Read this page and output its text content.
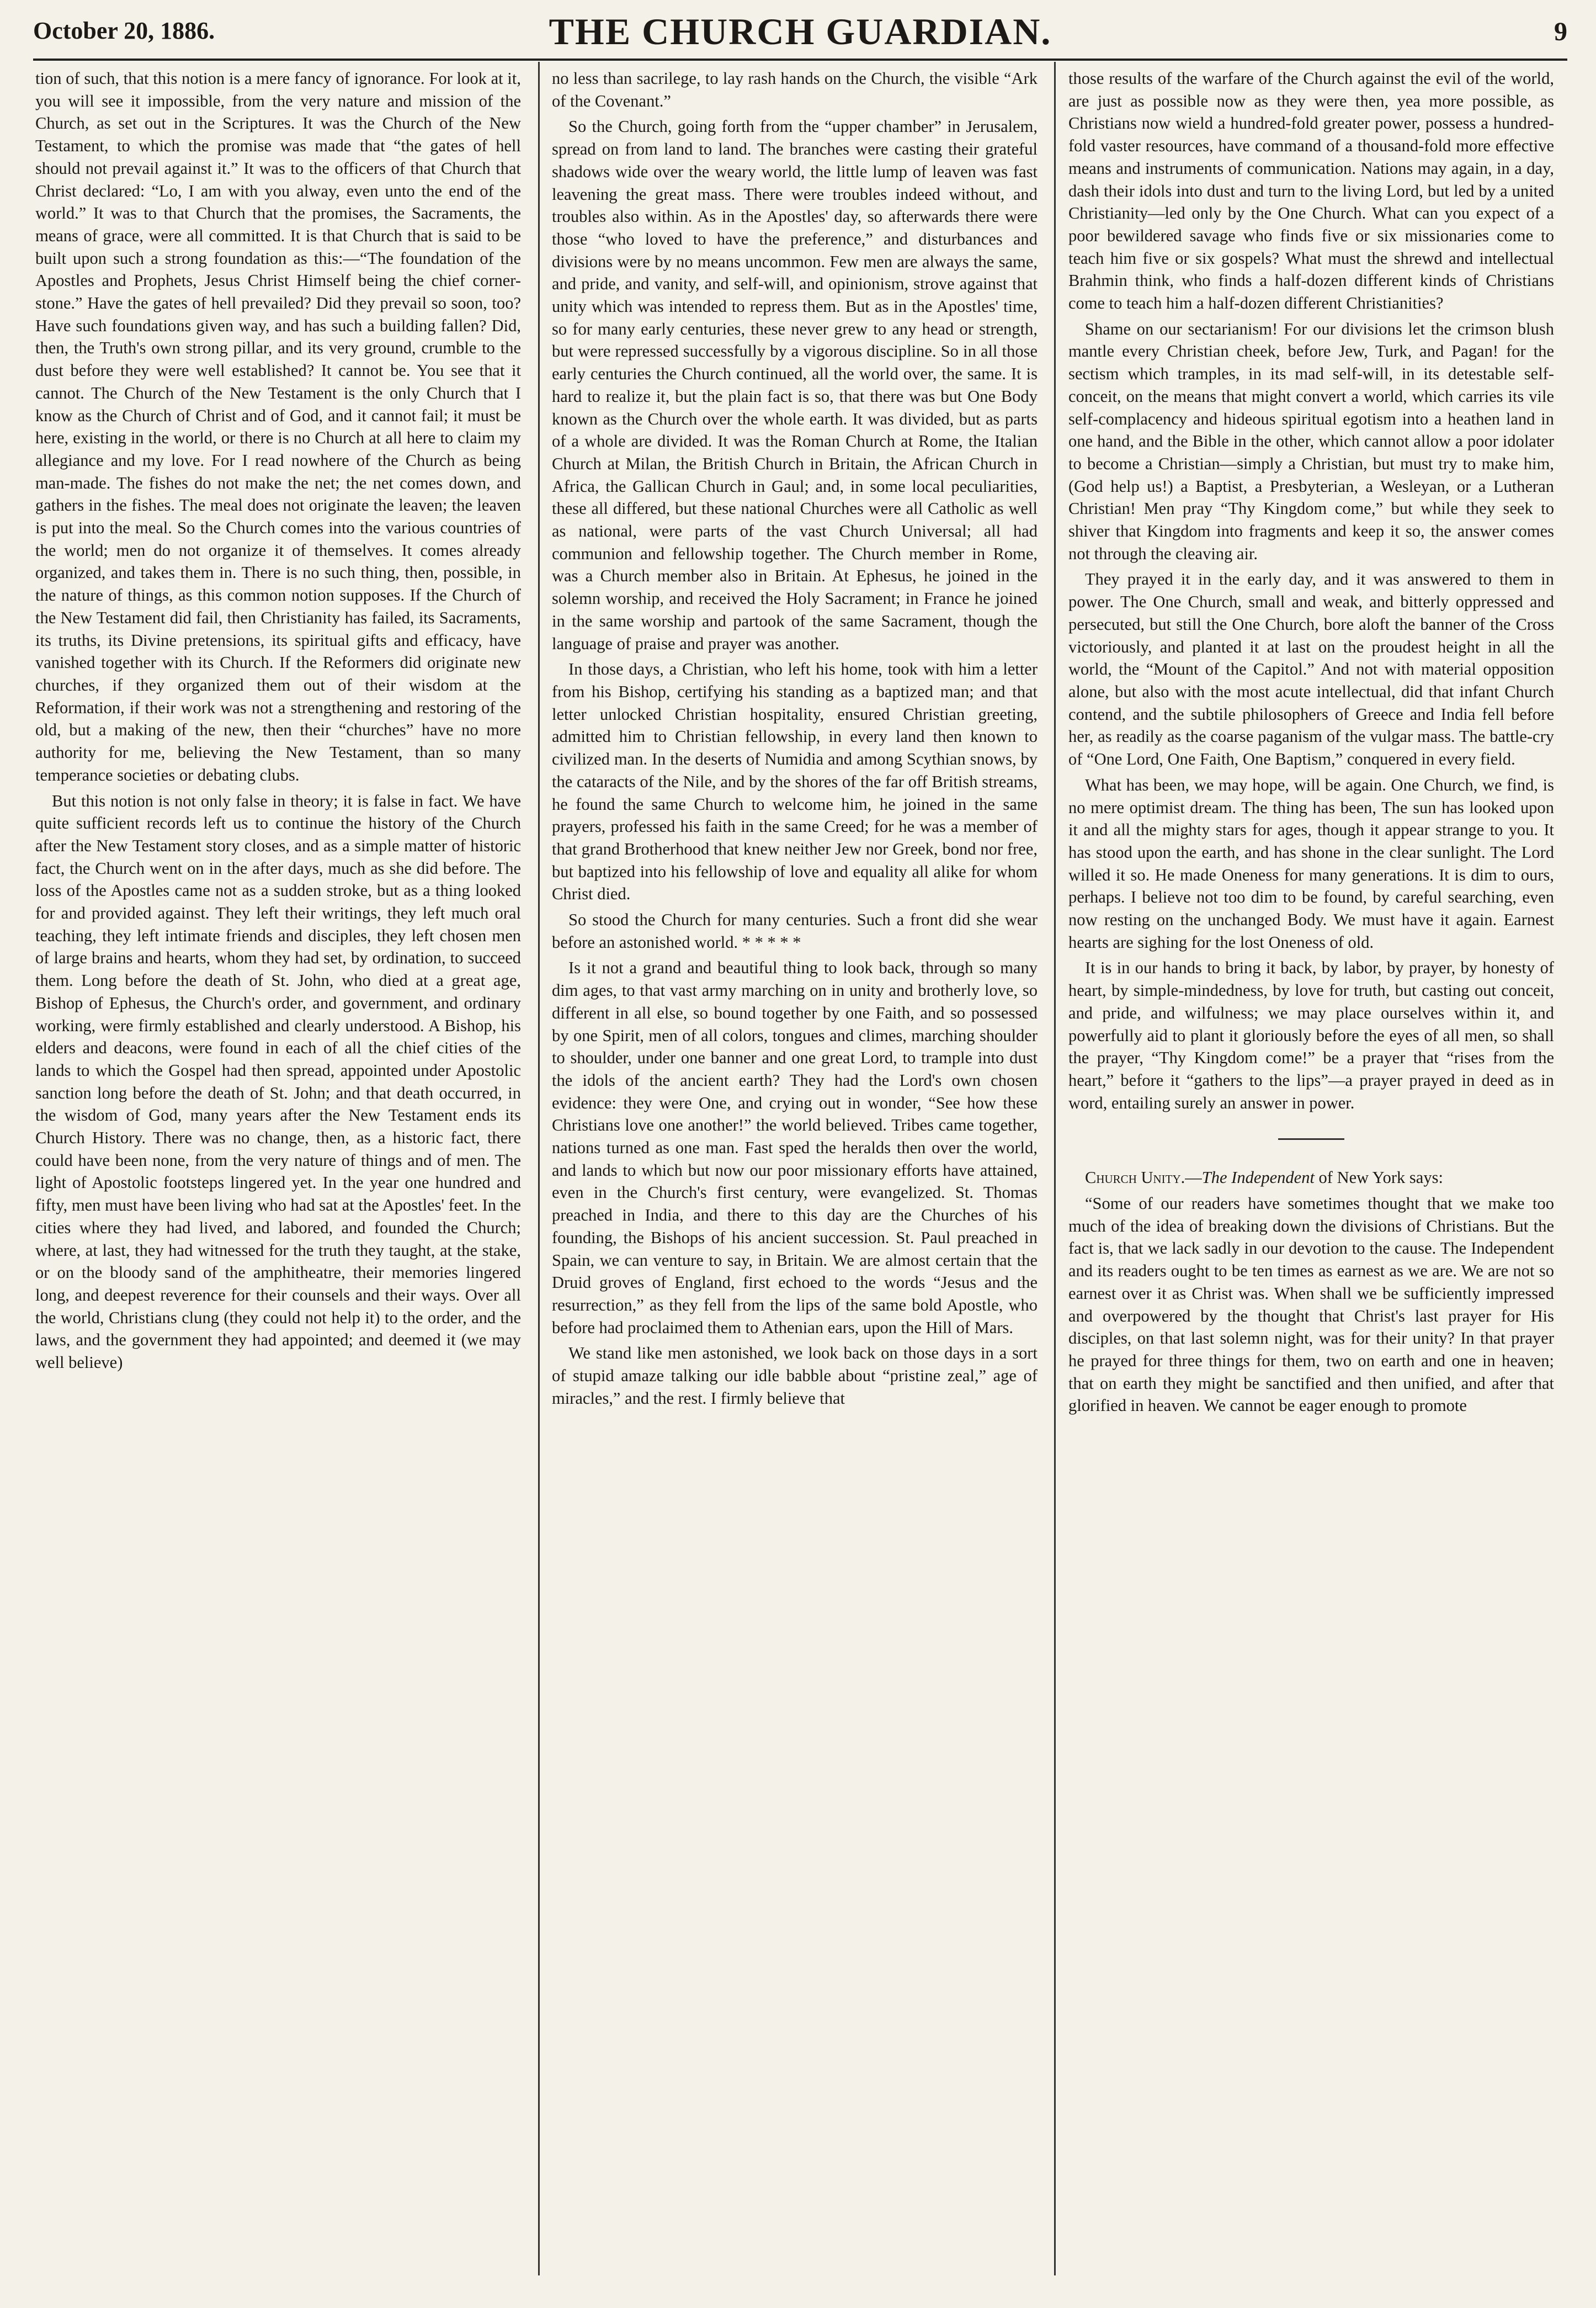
October 20, 1886.	THE CHURCH GUARDIAN.	9

tion of such, that this notion is a mere fancy of ignorance. For look at it, you will see it impossible, from the very nature and mission of the Church, as set out in the Scriptures. It was the Church of the New Testament, to which the promise was made that “the gates of hell should not prevail against it.” It was to the officers of that Church that Christ declared: “Lo, I am with you alway, even unto the end of the world.” It was to that Church that the promises, the Sacraments, the means of grace, were all committed. It is that Church that is said to be built upon such a strong foundation as this:—“The foundation of the Apostles and Prophets, Jesus Christ Himself being the chief corner-stone.” Have the gates of hell prevailed? Did they prevail so soon, too? Have such foundations given way, and has such a building fallen? Did, then, the Truth's own strong pillar, and its very ground, crumble to the dust before they were well established? It cannot be. You see that it cannot. The Church of the New Testament is the only Church that I know as the Church of Christ and of God, and it cannot fail; it must be here, existing in the world, or there is no Church at all here to claim my allegiance and my love. For I read nowhere of the Church as being man-made. The fishes do not make the net; the net comes down, and gathers in the fishes. The meal does not originate the leaven; the leaven is put into the meal. So the Church comes into the various countries of the world; men do not organize it of themselves. It comes already organized, and takes them in. There is no such thing, then, possible, in the nature of things, as this common notion supposes. If the Church of the New Testament did fail, then Christianity has failed, its Sacraments, its truths, its Divine pretensions, its spiritual gifts and efficacy, have vanished together with its Church. If the Reformers did originate new churches, if they organized them out of their wisdom at the Reformation, if their work was not a strengthening and restoring of the old, but a making of the new, then their “churches” have no more authority for me, believing the New Testament, than so many temperance societies or debating clubs.

But this notion is not only false in theory; it is false in fact. We have quite sufficient records left us to continue the history of the Church after the New Testament story closes, and as a simple matter of historic fact, the Church went on in the after days, much as she did before. The loss of the Apostles came not as a sudden stroke, but as a thing looked for and provided against. They left their writings, they left much oral teaching, they left intimate friends and disciples, they left chosen men of large brains and hearts, whom they had set, by ordination, to succeed them. Long before the death of St. John, who died at a great age, Bishop of Ephesus, the Church's order, and government, and ordinary working, were firmly established and clearly understood. A Bishop, his elders and deacons, were found in each of all the chief cities of the lands to which the Gospel had then spread, appointed under Apostolic sanction long before the death of St. John; and that death occurred, in the wisdom of God, many years after the New Testament ends its Church History. There was no change, then, as a historic fact, there could have been none, from the very nature of things and of men. The light of Apostolic footsteps lingered yet. In the year one hundred and fifty, men must have been living who had sat at the Apostles' feet. In the cities where they had lived, and labored, and founded the Church; where, at last, they had witnessed for the truth they taught, at the stake, or on the bloody sand of the amphitheatre, their memories lingered long, and deepest reverence for their counsels and their ways. Over all the world, Christians clung (they could not help it) to the order, and the laws, and the government they had appointed; and deemed it (we may well believe)

no less than sacrilege, to lay rash hands on the Church, the visible “Ark of the Covenant.”

So the Church, going forth from the “upper chamber” in Jerusalem, spread on from land to land. The branches were casting their grateful shadows wide over the weary world, the little lump of leaven was fast leavening the great mass. There were troubles indeed without, and troubles also within. As in the Apostles' day, so afterwards there were those “who loved to have the preference,” and disturbances and divisions were by no means uncommon. Few men are always the same, and pride, and vanity, and self-will, and opinionism, strove against that unity which was intended to repress them. But as in the Apostles' time, so for many early centuries, these never grew to any head or strength, but were repressed successfully by a vigorous discipline. So in all those early centuries the Church continued, all the world over, the same. It is hard to realize it, but the plain fact is so, that there was but One Body known as the Church over the whole earth. It was divided, but as parts of a whole are divided. It was the Roman Church at Rome, the Italian Church at Milan, the British Church in Britain, the African Church in Africa, the Gallican Church in Gaul; and, in some local peculiarities, these all differed, but these national Churches were all Catholic as well as national, were parts of the vast Church Universal; all had communion and fellowship together. The Church member in Rome, was a Church member also in Britain. At Ephesus, he joined in the solemn worship, and received the Holy Sacrament; in France he joined in the same worship and partook of the same Sacrament, though the language of praise and prayer was another.

In those days, a Christian, who left his home, took with him a letter from his Bishop, certifying his standing as a baptized man; and that letter unlocked Christian hospitality, ensured Christian greeting, admitted him to Christian fellowship, in every land then known to civilized man. In the deserts of Numidia and among Scythian snows, by the cataracts of the Nile, and by the shores of the far off British streams, he found the same Church to welcome him, he joined in the same prayers, professed his faith in the same Creed; for he was a member of that grand Brotherhood that knew neither Jew nor Greek, bond nor free, but baptized into his fellowship of love and equality all alike for whom Christ died.

So stood the Church for many centuries. Such a front did she wear before an astonished world. * * * * *

Is it not a grand and beautiful thing to look back, through so many dim ages, to that vast army marching on in unity and brotherly love, so different in all else, so bound together by one Faith, and so possessed by one Spirit, men of all colors, tongues and climes, marching shoulder to shoulder, under one banner and one great Lord, to trample into dust the idols of the ancient earth? They had the Lord's own chosen evidence: they were One, and crying out in wonder, “See how these Christians love one another!” the world believed. Tribes came together, nations turned as one man. Fast sped the heralds then over the world, and lands to which but now our poor missionary efforts have attained, even in the Church's first century, were evangelized. St. Thomas preached in India, and there to this day are the Churches of his founding, the Bishops of his ancient succession. St. Paul preached in Spain, we can venture to say, in Britain. We are almost certain that the Druid groves of England, first echoed to the words “Jesus and the resurrection,” as they fell from the lips of the same bold Apostle, who before had proclaimed them to Athenian ears, upon the Hill of Mars.

We stand like men astonished, we look back on those days in a sort of stupid amaze talking our idle babble about “pristine zeal,” age of miracles,” and the rest. I firmly believe that

those results of the warfare of the Church against the evil of the world, are just as possible now as they were then, yea more possible, as Christians now wield a hundred-fold greater power, possess a hundred-fold vaster resources, have command of a thousand-fold more effective means and instruments of communication. Nations may again, in a day, dash their idols into dust and turn to the living Lord, but led by a united Christianity—led only by the One Church. What can you expect of a poor bewildered savage who finds five or six missionaries come to teach him five or six gospels? What must the shrewd and intellectual Brahmin think, who finds a half-dozen different kinds of Christians come to teach him a half-dozen different Christianities?

Shame on our sectarianism! For our divisions let the crimson blush mantle every Christian cheek, before Jew, Turk, and Pagan! for the sectism which tramples, in its mad self-will, in its detestable self-conceit, on the means that might convert a world, which carries its vile self-complacency and hideous spiritual egotism into a heathen land in one hand, and the Bible in the other, which cannot allow a poor idolater to become a Christian—simply a Christian, but must try to make him, (God help us!) a Baptist, a Presbyterian, a Wesleyan, or a Lutheran Christian! Men pray “Thy Kingdom come,” but while they seek to shiver that Kingdom into fragments and keep it so, the answer comes not through the cleaving air.

They prayed it in the early day, and it was answered to them in power. The One Church, small and weak, and bitterly oppressed and persecuted, but still the One Church, bore aloft the banner of the Cross victoriously, and planted it at last on the proudest height in all the world, the “Mount of the Capitol.” And not with material opposition alone, but also with the most acute intellectual, did that infant Church contend, and the subtile philosophers of Greece and India fell before her, as readily as the coarse paganism of the vulgar mass. The battle-cry of “One Lord, One Faith, One Baptism,” conquered in every field.

What has been, we may hope, will be again. One Church, we find, is no mere optimist dream. The thing has been, The sun has looked upon it and all the mighty stars for ages, though it appear strange to you. It has stood upon the earth, and has shone in the clear sunlight. The Lord willed it so. He made Oneness for many generations. It is dim to ours, perhaps. I believe not too dim to be found, by careful searching, even now resting on the unchanged Body. We must have it again. Earnest hearts are sighing for the lost Oneness of old.

It is in our hands to bring it back, by labor, by prayer, by honesty of heart, by simple-mindedness, by love for truth, but casting out conceit, and pride, and wilfulness; we may place ourselves within it, and powerfully aid to plant it gloriously before the eyes of all men, so shall the prayer, “Thy Kingdom come!” be a prayer that “rises from the heart,” before it “gathers to the lips”—a prayer prayed in deed as in word, entailing surely an answer in power.

Church Unity.—The Independent of New York says:

“Some of our readers have sometimes thought that we make too much of the idea of breaking down the divisions of Christians. But the fact is, that we lack sadly in our devotion to the cause. The Independent and its readers ought to be ten times as earnest as we are. We are not so earnest over it as Christ was. When shall we be sufficiently impressed and overpowered by the thought that Christ's last prayer for His disciples, on that last solemn night, was for their unity? In that prayer he prayed for three things for them, two on earth and one in heaven; that on earth they might be sanctified and then unified, and after that glorified in heaven. We cannot be eager enough to promote
